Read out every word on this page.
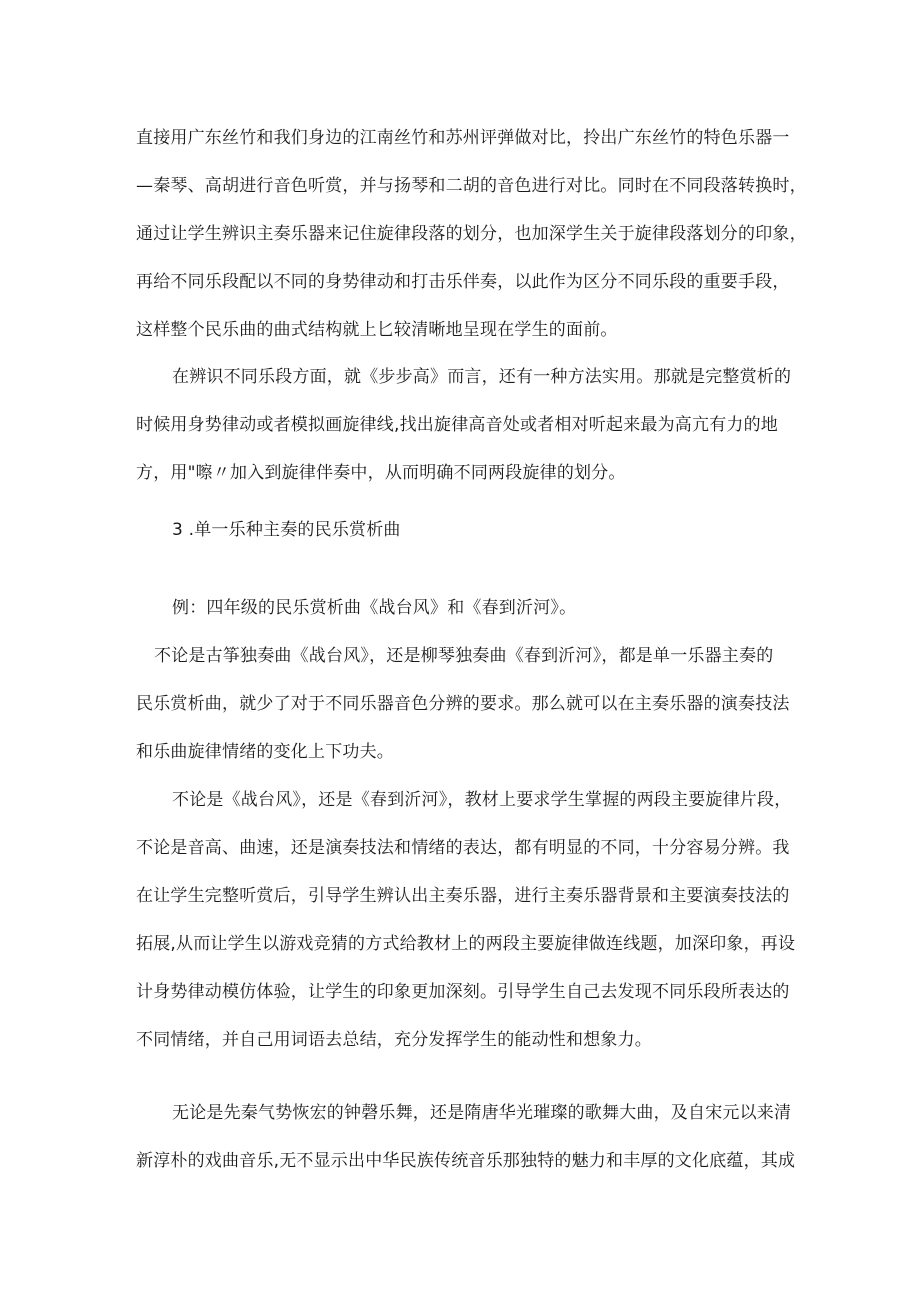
直接用广东丝竹和我们身边的江南丝竹和苏州评弹做对比，拎出广东丝竹的特色乐器一
—秦琴、高胡进行音色听赏，并与扬琴和二胡的音色进行对比。同时在不同段落转换时，
通过让学生辨识主奏乐器来记住旋律段落的划分，也加深学生关于旋律段落划分的印象，
再给不同乐段配以不同的身势律动和打击乐伴奏，以此作为区分不同乐段的重要手段，
这样整个民乐曲的曲式结构就上匕较清晰地呈现在学生的面前。
在辨识不同乐段方面，就《步步高》而言，还有一种方法实用。那就是完整赏析的
时候用身势律动或者模拟画旋律线,找出旋律高音处或者相对听起来最为高亢有力的地
方，用"嚓〃加入到旋律伴奏中，从而明确不同两段旋律的划分。
3 .单一乐种主奏的民乐赏析曲
例：四年级的民乐赏析曲《战台风》和《春到沂河》。
不论是古筝独奏曲《战台风》，还是柳琴独奏曲《春到沂河》，都是单一乐器主奏的
民乐赏析曲，就少了对于不同乐器音色分辨的要求。那么就可以在主奏乐器的演奏技法
和乐曲旋律情绪的变化上下功夫。
不论是《战台风》，还是《春到沂河》，教材上要求学生掌握的两段主要旋律片段，
不论是音高、曲速，还是演奏技法和情绪的表达，都有明显的不同，十分容易分辨。我
在让学生完整听赏后，引导学生辨认出主奏乐器，进行主奏乐器背景和主要演奏技法的
拓展,从而让学生以游戏竞猜的方式给教材上的两段主要旋律做连线题，加深印象，再设
计身势律动模仿体验，让学生的印象更加深刻。引导学生自己去发现不同乐段所表达的
不同情绪，并自己用词语去总结，充分发挥学生的能动性和想象力。
无论是先秦气势恢宏的钟磬乐舞，还是隋唐华光璀璨的歌舞大曲，及自宋元以来清
新淳朴的戏曲音乐,无不显示出中华民族传统音乐那独特的魅力和丰厚的文化底蕴，其成
